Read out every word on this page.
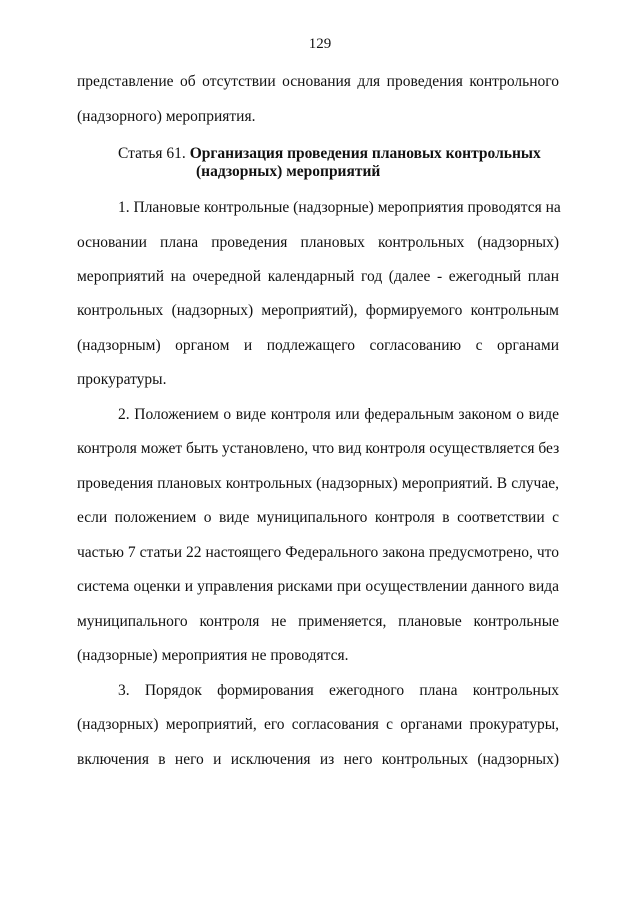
129
представление об отсутствии основания для проведения контрольного
(надзорного) мероприятия.
Статья 61. Организация проведения плановых контрольных
(надзорных) мероприятий
1. Плановые контрольные (надзорные) мероприятия проводятся на
основании плана проведения плановых контрольных (надзорных)
мероприятий на очередной календарный год (далее - ежегодный план
контрольных (надзорных) мероприятий), формируемого контрольным
(надзорным) органом и подлежащего согласованию с органами
прокуратуры.
2. Положением о виде контроля или федеральным законом о виде
контроля может быть установлено, что вид контроля осуществляется без
проведения плановых контрольных (надзорных) мероприятий. В случае,
если положением о виде муниципального контроля в соответствии с
частью 7 статьи 22 настоящего Федерального закона предусмотрено, что
система оценки и управления рисками при осуществлении данного вида
муниципального контроля не применяется, плановые контрольные
(надзорные) мероприятия не проводятся.
3. Порядок формирования ежегодного плана контрольных
(надзорных) мероприятий, его согласования с органами прокуратуры,
включения в него и исключения из него контрольных (надзорных)
